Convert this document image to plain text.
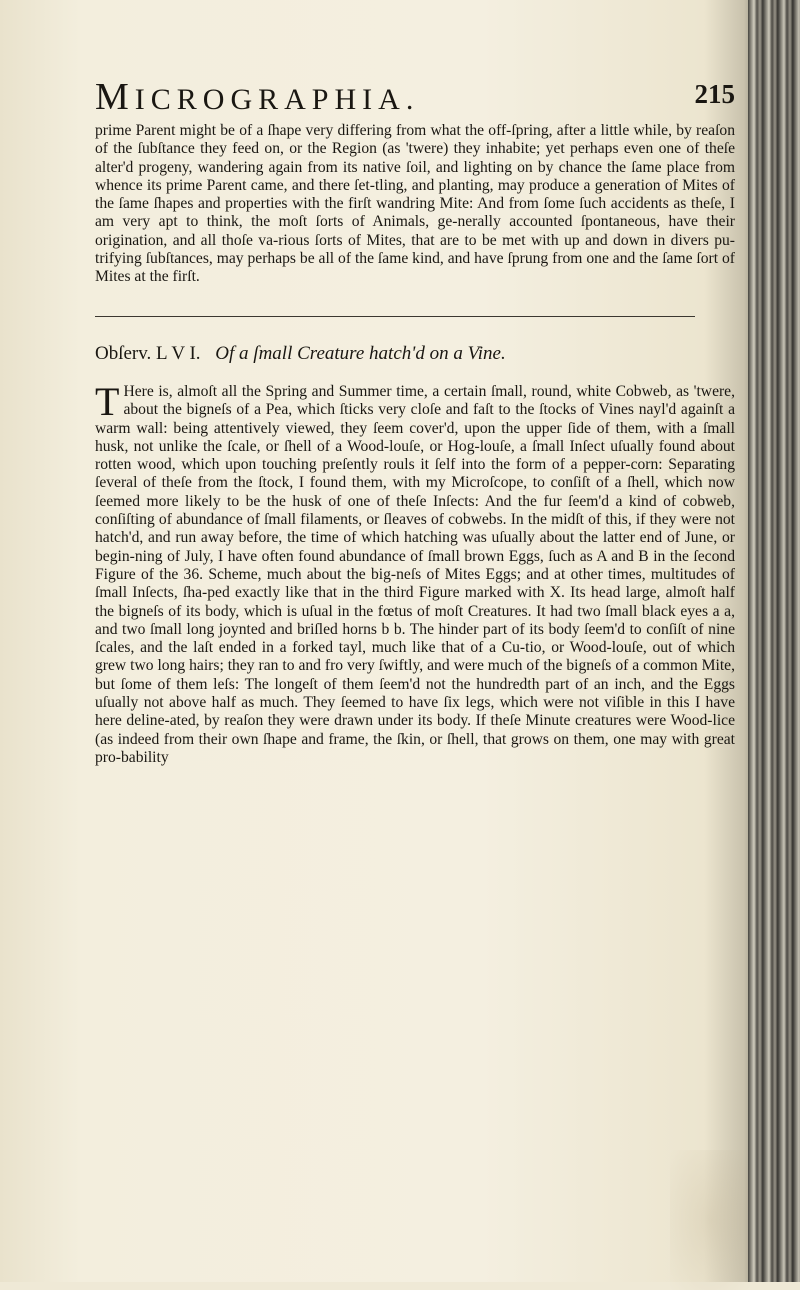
MICROGRAPHIA.	215
prime Parent might be of a ſhape very differing from what the off-ſpring, after a little while, by reaſon of the ſubſtance they feed on, or the Region (as 'twere) they inhabite; yet perhaps even one of theſe alter'd progeny, wandering again from its native ſoil, and lighting on by chance the ſame place from whence its prime Parent came, and there ſet-tling, and planting, may produce a generation of Mites of the ſame ſhapes and properties with the firſt wandring Mite: And from ſome ſuch accidents as theſe, I am very apt to think, the moſt ſorts of Animals, ge-nerally accounted ſpontaneous, have their origination, and all thoſe va-rious ſorts of Mites, that are to be met with up and down in divers pu-trifying ſubſtances, may perhaps be all of the ſame kind, and have ſprung from one and the ſame ſort of Mites at the firſt.
Obſerv. L V I. Of a ſmall Creature hatch'd on a Vine.
T Here is, almoſt all the Spring and Summer time, a certain ſmall, round, white Cobweb, as 'twere, about the bigneſs of a Pea, which ſticks very cloſe and faſt to the ſtocks of Vines nayl'd againſt a warm wall: being attentively viewed, they ſeem cover'd, upon the upper ſide of them, with a ſmall husk, not unlike the ſcale, or ſhell of a Wood-louſe, or Hog-louſe, a ſmall Inſect uſually found about rotten wood, which upon touching preſently rouls it ſelf into the form of a pepper-corn: Separating ſeveral of theſe from the ſtock, I found them, with my Microſcope, to conſiſt of a ſhell, which now ſeemed more likely to be the husk of one of theſe Inſects: And the fur ſeem'd a kind of cobweb, conſiſting of abundance of ſmall filaments, or ſleaves of cobwebs. In the midſt of this, if they were not hatch'd, and run away before, the time of which hatching was uſually about the latter end of June, or begin-ning of July, I have often found abundance of ſmall brown Eggs, ſuch as A and B in the ſecond Figure of the 36. Scheme, much about the big-neſs of Mites Eggs; and at other times, multitudes of ſmall Inſects, ſha-ped exactly like that in the third Figure marked with X. Its head large, almoſt half the bigneſs of its body, which is uſual in the fœtus of moſt Creatures. It had two ſmall black eyes a a, and two ſmall long joynted and briſled horns b b. The hinder part of its body ſeem'd to conſiſt of nine ſcales, and the laſt ended in a forked tayl, much like that of a Cu-tio, or Wood-louſe, out of which grew two long hairs; they ran to and fro very ſwiftly, and were much of the bigneſs of a common Mite, but ſome of them leſs: The longeſt of them ſeem'd not the hundredth part of an inch, and the Eggs uſually not above half as much. They ſeemed to have ſix legs, which were not viſible in this I have here deline-ated, by reaſon they were drawn under its body. If theſe Minute creatures were Wood-lice (as indeed from their own ſhape and frame, the ſkin, or ſhell, that grows on them, one may with great pro-bability
